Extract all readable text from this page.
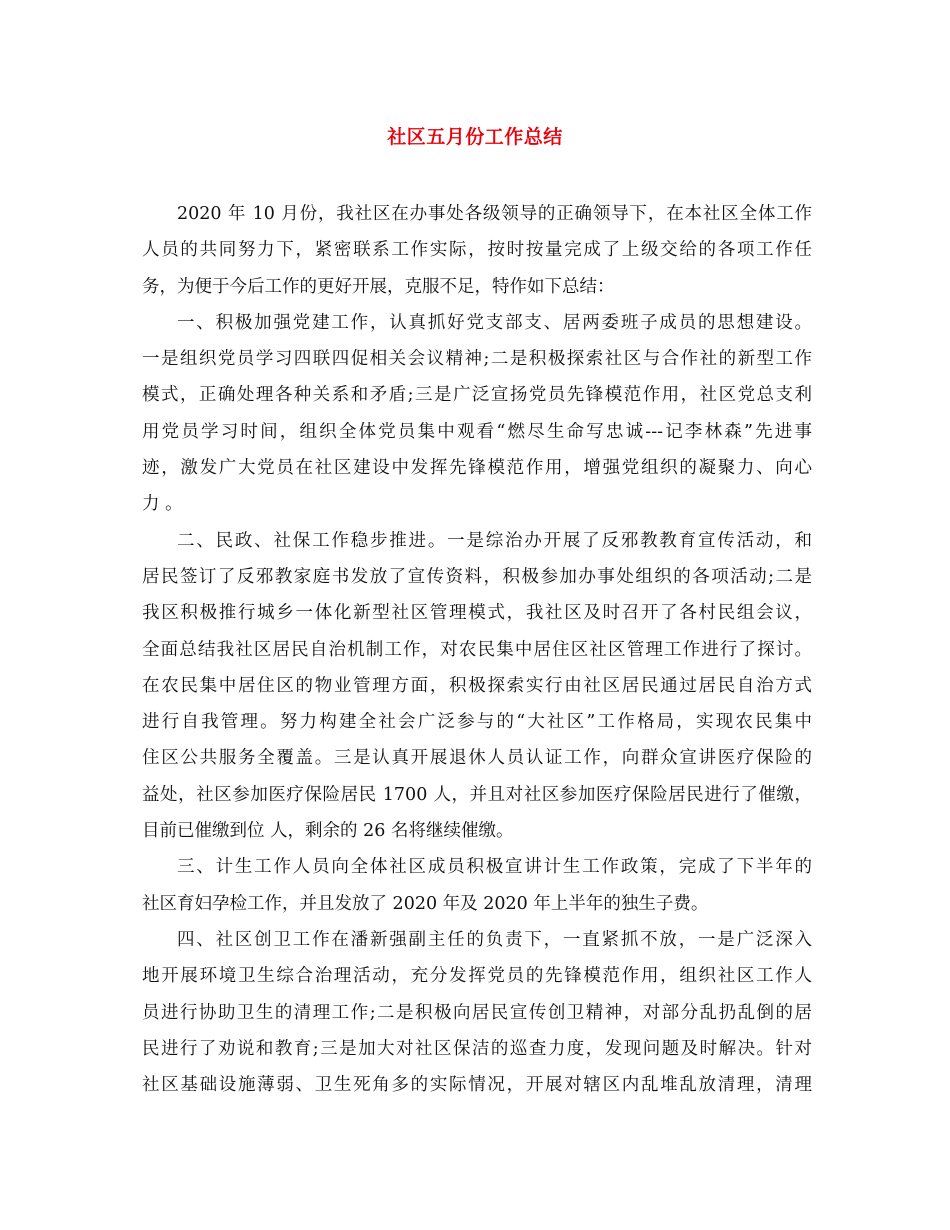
社区五月份工作总结
2020 年 10 月份，我社区在办事处各级领导的正确领导下，在本社区全体工作
人员的共同努力下，紧密联系工作实际，按时按量完成了上级交给的各项工作任
务，为便于今后工作的更好开展，克服不足，特作如下总结：
一、积极加强党建工作，认真抓好党支部支、居两委班子成员的思想建设。
一是组织党员学习四联四促相关会议精神;二是积极探索社区与合作社的新型工作
模式，正确处理各种关系和矛盾;三是广泛宣扬党员先锋模范作用，社区党总支利
用党员学习时间，组织全体党员集中观看“燃尽生命写忠诚---记李林森”先进事
迹，激发广大党员在社区建设中发挥先锋模范作用，增强党组织的凝聚力、向心
力 。
二、民政、社保工作稳步推进。一是综治办开展了反邪教教育宣传活动，和
居民签订了反邪教家庭书发放了宣传资料，积极参加办事处组织的各项活动;二是
我区积极推行城乡一体化新型社区管理模式，我社区及时召开了各村民组会议，
全面总结我社区居民自治机制工作，对农民集中居住区社区管理工作进行了探讨。
在农民集中居住区的物业管理方面，积极探索实行由社区居民通过居民自治方式
进行自我管理。努力构建全社会广泛参与的“大社区”工作格局，实现农民集中
住区公共服务全覆盖。三是认真开展退休人员认证工作，向群众宣讲医疗保险的
益处，社区参加医疗保险居民 1700 人，并且对社区参加医疗保险居民进行了催缴，
目前已催缴到位 人，剩余的 26 名将继续催缴。
三、计生工作人员向全体社区成员积极宣讲计生工作政策，完成了下半年的
社区育妇孕检工作，并且发放了 2020 年及 2020 年上半年的独生子费。
四、社区创卫工作在潘新强副主任的负责下，一直紧抓不放，一是广泛深入
地开展环境卫生综合治理活动，充分发挥党员的先锋模范作用，组织社区工作人
员进行协助卫生的清理工作;二是积极向居民宣传创卫精神，对部分乱扔乱倒的居
民进行了劝说和教育;三是加大对社区保洁的巡查力度，发现问题及时解决。针对
社区基础设施薄弱、卫生死角多的实际情况，开展对辖区内乱堆乱放清理，清理
